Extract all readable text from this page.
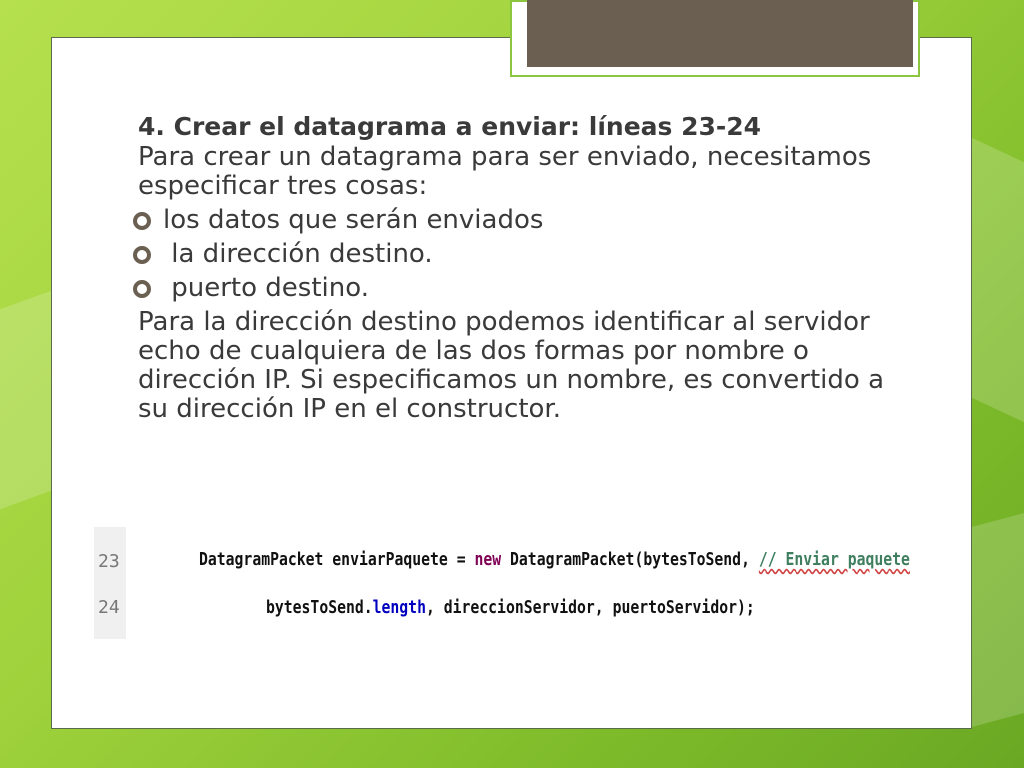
4. Crear el datagrama a enviar: líneas 23-24

Para crear un datagrama para ser enviado, necesitamos especificar tres cosas:

los datos que serán enviados
la dirección destino.
puerto destino.

Para la dirección destino podemos identificar al servidor echo de cualquiera de las dos formas por nombre o dirección IP. Si especificamos un nombre, es convertido a su dirección IP en el constructor.

23
24
DatagramPacket enviarPaquete = new DatagramPacket(bytesToSend, // Enviar paquete
bytesToSend.length, direccionServidor, puertoServidor);
